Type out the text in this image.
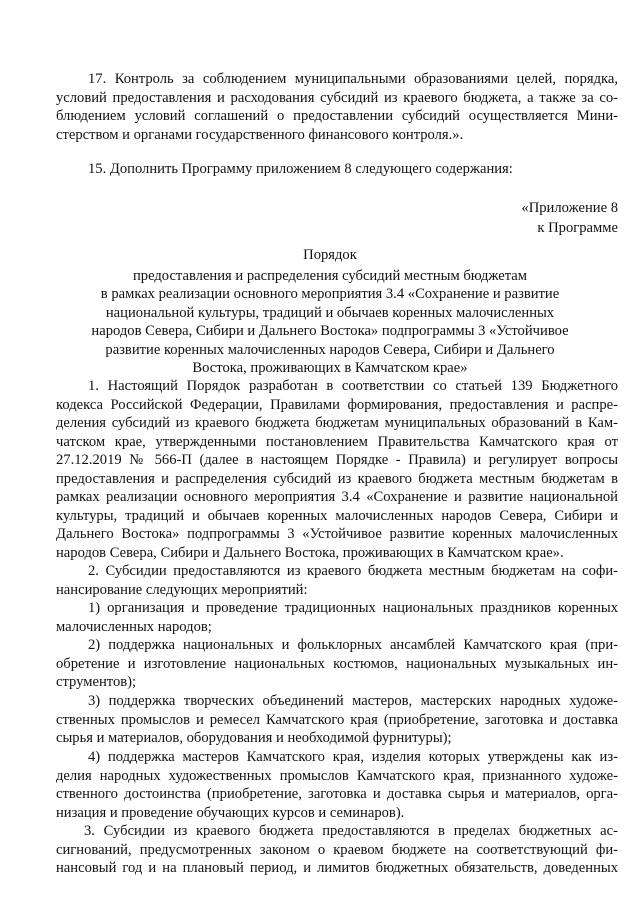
17. Контроль за соблюдением муниципальными образованиями целей, порядка,
условий предоставления и расходования субсидий из краевого бюджета, а также за со-
блюдением условий соглашений о предоставлении субсидий осуществляется Мини-
стерством и органами государственного финансового контроля.».
15. Дополнить Программу приложением 8 следующего содержания:
«Приложение 8
к Программе
Порядок
предоставления и распределения субсидий местным бюджетам
в рамках реализации основного мероприятия 3.4 «Сохранение и развитие
национальной культуры, традиций и обычаев коренных малочисленных
народов Севера, Сибири и Дальнего Востока» подпрограммы 3 «Устойчивое
развитие коренных малочисленных народов Севера, Сибири и Дальнего
Востока, проживающих в Камчатском крае»
1. Настоящий Порядок разработан в соответствии со статьей 139 Бюджетного
кодекса Российской Федерации, Правилами формирования, предоставления и распре-
деления субсидий из краевого бюджета бюджетам муниципальных образований в Кам-
чатском крае, утвержденными постановлением Правительства Камчатского края от
27.12.2019 № 566-П (далее в настоящем Порядке - Правила) и регулирует вопросы
предоставления и распределения субсидий из краевого бюджета местным бюджетам в
рамках реализации основного мероприятия 3.4 «Сохранение и развитие национальной
культуры, традиций и обычаев коренных малочисленных народов Севера, Сибири и
Дальнего Востока» подпрограммы 3 «Устойчивое развитие коренных малочисленных
народов Севера, Сибири и Дальнего Востока, проживающих в Камчатском крае».
2. Субсидии предоставляются из краевого бюджета местным бюджетам на софи-
нансирование следующих мероприятий:
1) организация и проведение традиционных национальных праздников коренных
малочисленных народов;
2) поддержка национальных и фольклорных ансамблей Камчатского края (при-
обретение и изготовление национальных костюмов, национальных музыкальных ин-
струментов);
3) поддержка творческих объединений мастеров, мастерских народных художе-
ственных промыслов и ремесел Камчатского края (приобретение, заготовка и доставка
сырья и материалов, оборудования и необходимой фурнитуры);
4) поддержка мастеров Камчатского края, изделия которых утверждены как из-
делия народных художественных промыслов Камчатского края, признанного художе-
ственного достоинства (приобретение, заготовка и доставка сырья и материалов, орга-
низация и проведение обучающих курсов и семинаров).
3. Субсидии из краевого бюджета предоставляются в пределах бюджетных ас-
сигнований, предусмотренных законом о краевом бюджете на соответствующий фи-
нансовый год и на плановый период, и лимитов бюджетных обязательств, доведенных
